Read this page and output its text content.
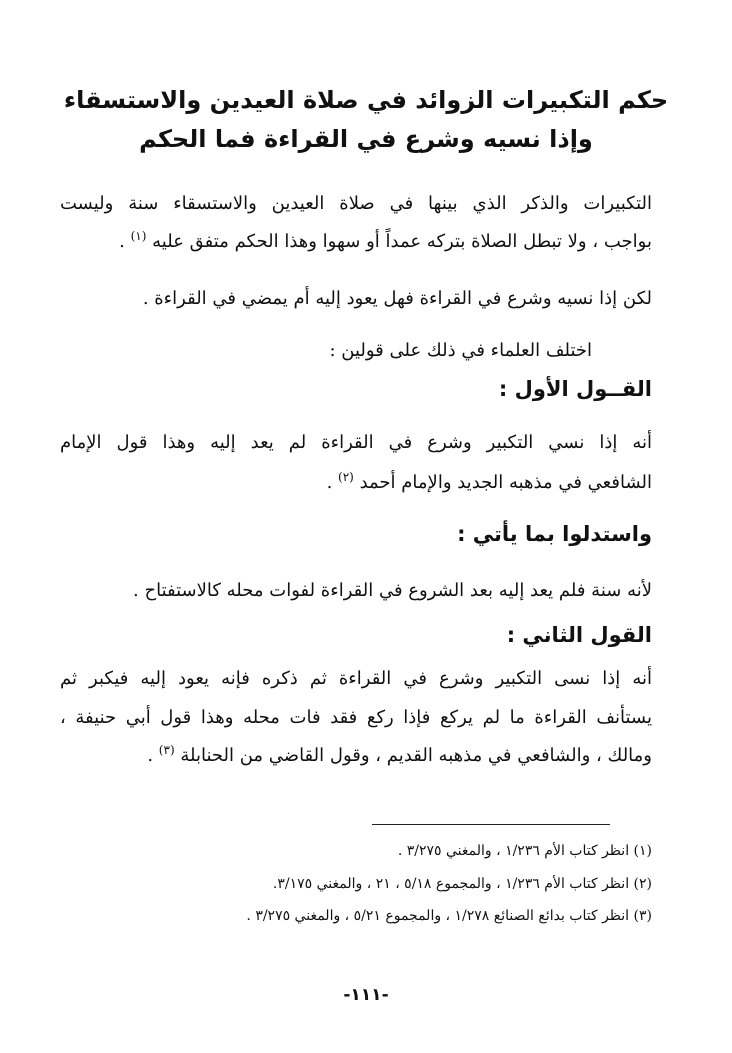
حكم التكبيرات الزوائد في صلاة العيدين والاستسقاء
وإذا نسيه وشرع في القراءة فما الحكم
التكبيرات والذكر الذي بينها في صلاة العيدين والاستسقاء سنة وليست
بواجب ، ولا تبطل الصلاة بتركه عمداً أو سهوا وهذا الحكم متفق عليه $^{(١)}$ .
لكن إذا نسيه وشرع في القراءة فهل يعود إليه أم يمضي في القراءة .
اختلف العلماء في ذلك على قولين :
القــول الأول :
أنه إذا نسي التكبير وشرع في القراءة لم يعد إليه وهذا قول الإمام
الشافعي في مذهبه الجديد والإمام أحمد $^{(٢)}$ .
واستدلوا بما يأتي :
لأنه سنة فلم يعد إليه بعد الشروع في القراءة لفوات محله كالاستفتاح .
القول الثاني :
أنه إذا نسى التكبير وشرع في القراءة ثم ذكره فإنه يعود إليه فيكبر ثم
يستأنف القراءة ما لم يركع فإذا ركع فقد فات محله وهذا قول أبي حنيفة ،
ومالك ، والشافعي في مذهبه القديم ، وقول القاضي من الحنابلة $^{(٣)}$ .
(١) انظر كتاب الأم ١/٢٣٦ ، والمغني ٣/٢٧٥ .
(٢) انظر كتاب الأم ١/٢٣٦ ، والمجموع ٥/١٨ ، ٢١ ، والمغني ٣/١٧٥.
(٣) انظر كتاب بدائع الصنائع ١/٢٧٨ ، والمجموع ٥/٢١ ، والمغني ٣/٢٧٥ .
-١١١-
